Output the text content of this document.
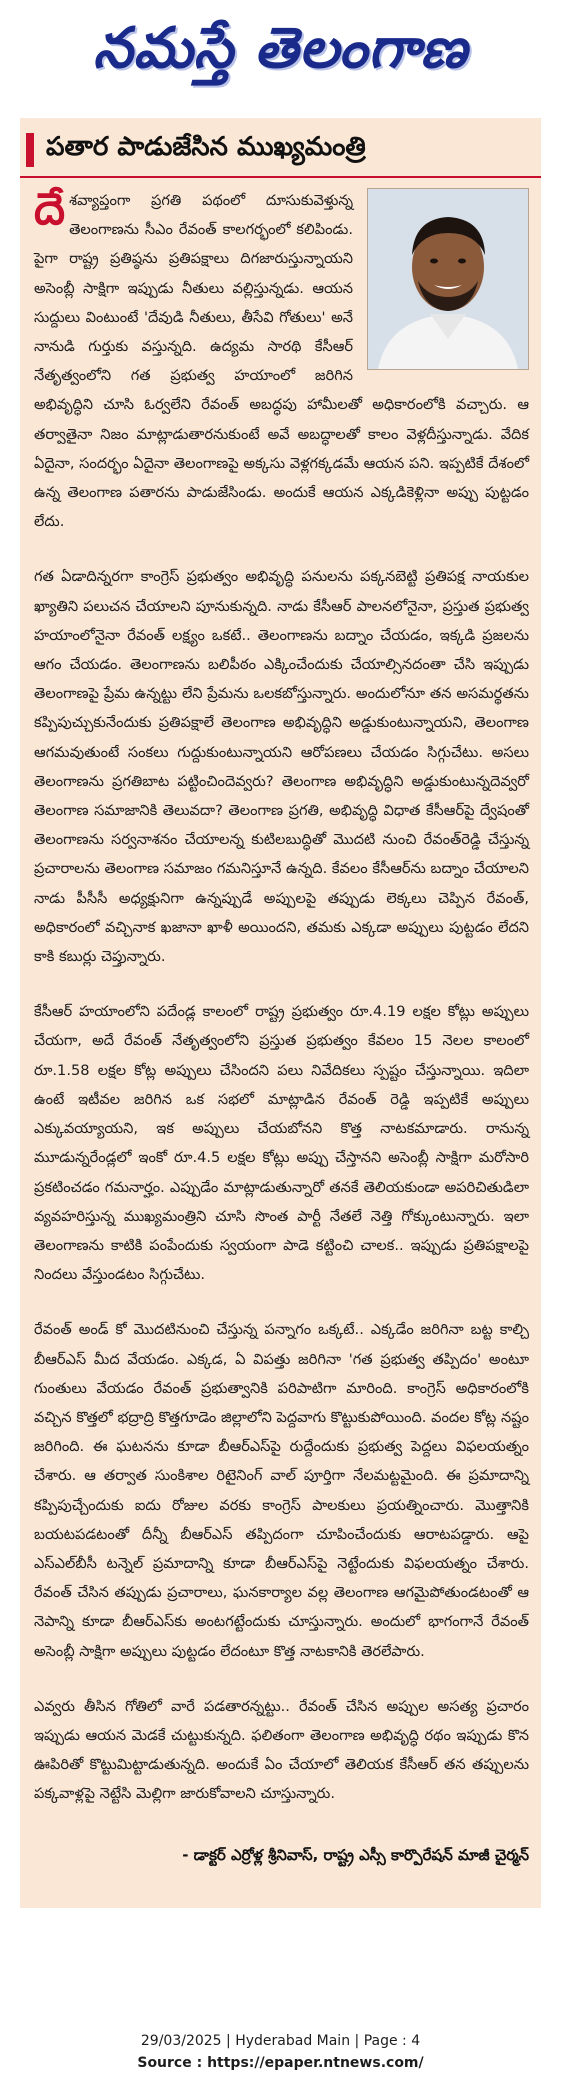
నమస్తే తెలంగాణ
పతార పాడుజేసిన ముఖ్యమంత్రి

దే శవ్యాప్తంగా ప్రగతి పథంలో దూసుకువెళ్తున్న తెలంగాణను సీఎం రేవంత్ కాలగర్భంలో కలిపిండు. పైగా రాష్ట్ర ప్రతిష్ఠను ప్రతిపక్షాలు దిగజారుస్తున్నాయని అసెంబ్లీ సాక్షిగా ఇప్పుడు నీతులు వల్లిస్తున్నడు. ఆయన సుద్దులు వింటుంటే 'దేవుడి నీతులు, తీసేవి గోతులు' అనే నానుడి గుర్తుకు వస్తున్నది. ఉద్యమ సారథి కేసీఆర్ నేతృత్వంలోని గత ప్రభుత్వ హయాంలో జరిగిన అభివృద్ధిని చూసి ఓర్వలేని రేవంత్ అబద్ధపు హామీలతో అధికారంలోకి వచ్చారు. ఆ తర్వాతైనా నిజం మాట్లాడుతారనుకుంటే అవే అబద్ధాలతో కాలం వెళ్లదీస్తున్నాడు. వేదిక ఏదైనా, సందర్భం ఏదైనా తెలంగాణపై అక్కసు వెళ్లగక్కడమే ఆయన పని. ఇప్పటికే దేశంలో ఉన్న తెలంగాణ పతారను పాడుజేసిండు. అందుకే ఆయన ఎక్కడికెళ్లినా అప్పు పుట్టడం లేదు.

గత ఏడాదిన్నరగా కాంగ్రెస్ ప్రభుత్వం అభివృద్ధి పనులను పక్కనబెట్టి ప్రతిపక్ష నాయకుల ఖ్యాతిని పలుచన చేయాలని పూనుకున్నది. నాడు కేసీఆర్ పాలనలోనైనా, ప్రస్తుత ప్రభుత్వ హయాంలోనైనా రేవంత్ లక్ష్యం ఒకటే.. తెలంగాణను బద్నాం చేయడం, ఇక్కడి ప్రజలను ఆగం చేయడం. తెలంగాణను బలిపీఠం ఎక్కించేందుకు చేయాల్సినదంతా చేసి ఇప్పుడు తెలంగాణపై ప్రేమ ఉన్నట్టు లేని ప్రేమను ఒలకబోస్తున్నారు. అందులోనూ తన అసమర్థతను కప్పిపుచ్చుకునేందుకు ప్రతిపక్షాలే తెలంగాణ అభివృద్ధిని అడ్డుకుంటున్నాయని, తెలంగాణ ఆగమవుతుంటే సంకలు గుద్దుకుంటున్నాయని ఆరోపణలు చేయడం సిగ్గుచేటు. అసలు తెలంగాణను ప్రగతిబాట పట్టించిందెవ్వరు? తెలంగాణ అభివృద్ధిని అడ్డుకుంటున్నదెవ్వరో తెలంగాణ సమాజానికి తెలువదా? తెలంగాణ ప్రగతి, అభివృద్ధి విధాత కేసీఆర్‌పై ద్వేషంతో తెలంగాణను సర్వనాశనం చేయాలన్న కుటిలబుద్ధితో మొదటి నుంచి రేవంత్‌రెడ్డి చేస్తున్న ప్రచారాలను తెలంగాణ సమాజం గమనిస్తూనే ఉన్నది. కేవలం కేసీఆర్‌ను బద్నాం చేయాలని నాడు పీసీసీ అధ్యక్షునిగా ఉన్నప్పుడే అప్పులపై తప్పుడు లెక్కలు చెప్పిన రేవంత్, అధికారంలో వచ్చినాక ఖజానా ఖాళీ అయిందని, తమకు ఎక్కడా అప్పులు పుట్టడం లేదని కాకి కబుర్లు చెప్తున్నారు.

కేసీఆర్ హయాంలోని పదేండ్ల కాలంలో రాష్ట్ర ప్రభుత్వం రూ.4.19 లక్షల కోట్లు అప్పులు చేయగా, అదే రేవంత్ నేతృత్వంలోని ప్రస్తుత ప్రభుత్వం కేవలం 15 నెలల కాలంలో రూ.1.58 లక్షల కోట్ల అప్పులు చేసిందని పలు నివేదికలు స్పష్టం చేస్తున్నాయి. ఇదిలా ఉంటే ఇటీవల జరిగిన ఒక సభలో మాట్లాడిన రేవంత్ రెడ్డి ఇప్పటికే అప్పులు ఎక్కువయ్యాయని, ఇక అప్పులు చేయబోనని కొత్త నాటకమాడారు. రానున్న మూడున్నరేండ్లలో ఇంకో రూ.4.5 లక్షల కోట్లు అప్పు చేస్తానని అసెంబ్లీ సాక్షిగా మరోసారి ప్రకటించడం గమనార్హం. ఎప్పుడేం మాట్లాడుతున్నారో తనకే తెలియకుండా అపరిచితుడిలా వ్యవహరిస్తున్న ముఖ్యమంత్రిని చూసి సొంత పార్టీ నేతలే నెత్తి గోక్కుంటున్నారు. ఇలా తెలంగాణను కాటికి పంపేందుకు స్వయంగా పాడె కట్టించి చాలక.. ఇప్పుడు ప్రతిపక్షాలపై నిందలు వేస్తుండటం సిగ్గుచేటు.

రేవంత్ అండ్ కో మొదటినుంచి చేస్తున్న పన్నాగం ఒక్కటే.. ఎక్కడేం జరిగినా బట్ట కాల్చి బీఆర్ఎస్ మీద వేయడం. ఎక్కడ, ఏ విపత్తు జరిగినా 'గత ప్రభుత్వ తప్పిదం' అంటూ గుంతులు వేయడం రేవంత్ ప్రభుత్వానికి పరిపాటిగా మారింది. కాంగ్రెస్ అధికారంలోకి వచ్చిన కొత్తలో భద్రాద్రి కొత్తగూడెం జిల్లాలోని పెద్దవాగు కొట్టుకుపోయింది. వందల కోట్ల నష్టం జరిగింది. ఈ ఘటనను కూడా బీఆర్ఎస్‌పై రుద్దేందుకు ప్రభుత్వ పెద్దలు విఫలయత్నం చేశారు. ఆ తర్వాత సుంకిశాల రిటైనింగ్ వాల్ పూర్తిగా నేలమట్టమైంది. ఈ ప్రమాదాన్ని కప్పిపుచ్చేందుకు ఐదు రోజుల వరకు కాంగ్రెస్ పాలకులు ప్రయత్నించారు. మొత్తానికి బయటపడటంతో దీన్నీ బీఆర్ఎస్ తప్పిదంగా చూపించేందుకు ఆరాటపడ్డారు. ఆపై ఎస్ఎల్‌బీసీ టన్నెల్ ప్రమాదాన్ని కూడా బీఆర్ఎస్‌పై నెట్టేందుకు విఫలయత్నం చేశారు. రేవంత్ చేసిన తప్పుడు ప్రచారాలు, ఘనకార్యాల వల్ల తెలంగాణ ఆగమైపోతుండటంతో ఆ నెపాన్ని కూడా బీఆర్ఎస్‌కు అంటగట్టేందుకు చూస్తున్నారు. అందులో భాగంగానే రేవంత్ అసెంబ్లీ సాక్షిగా అప్పులు పుట్టడం లేదంటూ కొత్త నాటకానికి తెరలేపారు.

ఎవ్వరు తీసిన గోతిలో వారే పడతారన్నట్టు.. రేవంత్ చేసిన అప్పుల అసత్య ప్రచారం ఇప్పుడు ఆయన మెడకే చుట్టుకున్నది. ఫలితంగా తెలంగాణ అభివృద్ధి రథం ఇప్పుడు కొన ఊపిరితో కొట్టుమిట్టాడుతున్నది. అందుకే ఏం చేయాలో తెలియక కేసీఆర్ తన తప్పులను పక్కవాళ్లపై నెట్టేసి మెల్లిగా జారుకోవాలని చూస్తున్నారు.

- డాక్టర్ ఎర్రోళ్ల శ్రీనివాస్, రాష్ట్ర ఎస్సీ కార్పొరేషన్ మాజీ చైర్మన్
29/03/2025 | Hyderabad Main | Page : 4
Source : https://epaper.ntnews.com/
